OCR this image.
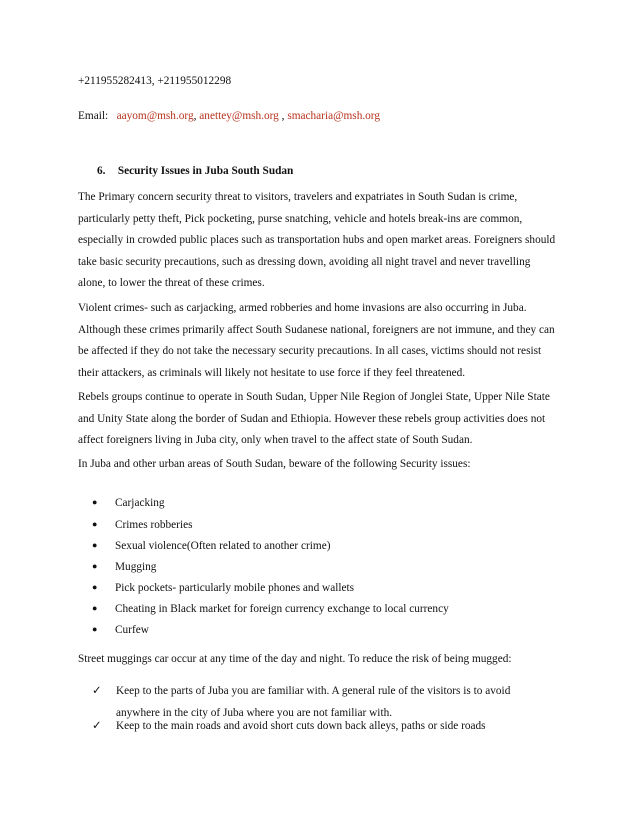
+211955282413, +211955012298
Email: aayom@msh.org, anettey@msh.org , smacharia@msh.org
6. Security Issues in Juba South Sudan
The Primary concern security threat to visitors, travelers and expatriates in South Sudan is crime,
particularly petty theft, Pick pocketing, purse snatching, vehicle and hotels break-ins are common,
especially in crowded public places such as transportation hubs and open market areas. Foreigners should
take basic security precautions, such as dressing down, avoiding all night travel and never travelling
alone, to lower the threat of these crimes.
Violent crimes- such as carjacking, armed robberies and home invasions are also occurring in Juba.
Although these crimes primarily affect South Sudanese national, foreigners are not immune, and they can
be affected if they do not take the necessary security precautions. In all cases, victims should not resist
their attackers, as criminals will likely not hesitate to use force if they feel threatened.
Rebels groups continue to operate in South Sudan, Upper Nile Region of Jonglei State, Upper Nile State
and Unity State along the border of Sudan and Ethiopia. However these rebels group activities does not
affect foreigners living in Juba city, only when travel to the affect state of South Sudan.
In Juba and other urban areas of South Sudan, beware of the following Security issues:
● Carjacking
● Crimes robberies
● Sexual violence(Often related to another crime)
● Mugging
● Pick pockets- particularly mobile phones and wallets
● Cheating in Black market for foreign currency exchange to local currency
● Curfew
Street muggings car occur at any time of the day and night. To reduce the risk of being mugged:
✓ Keep to the parts of Juba you are familiar with. A general rule of the visitors is to avoid
anywhere in the city of Juba where you are not familiar with.
✓ Keep to the main roads and avoid short cuts down back alleys, paths or side roads
